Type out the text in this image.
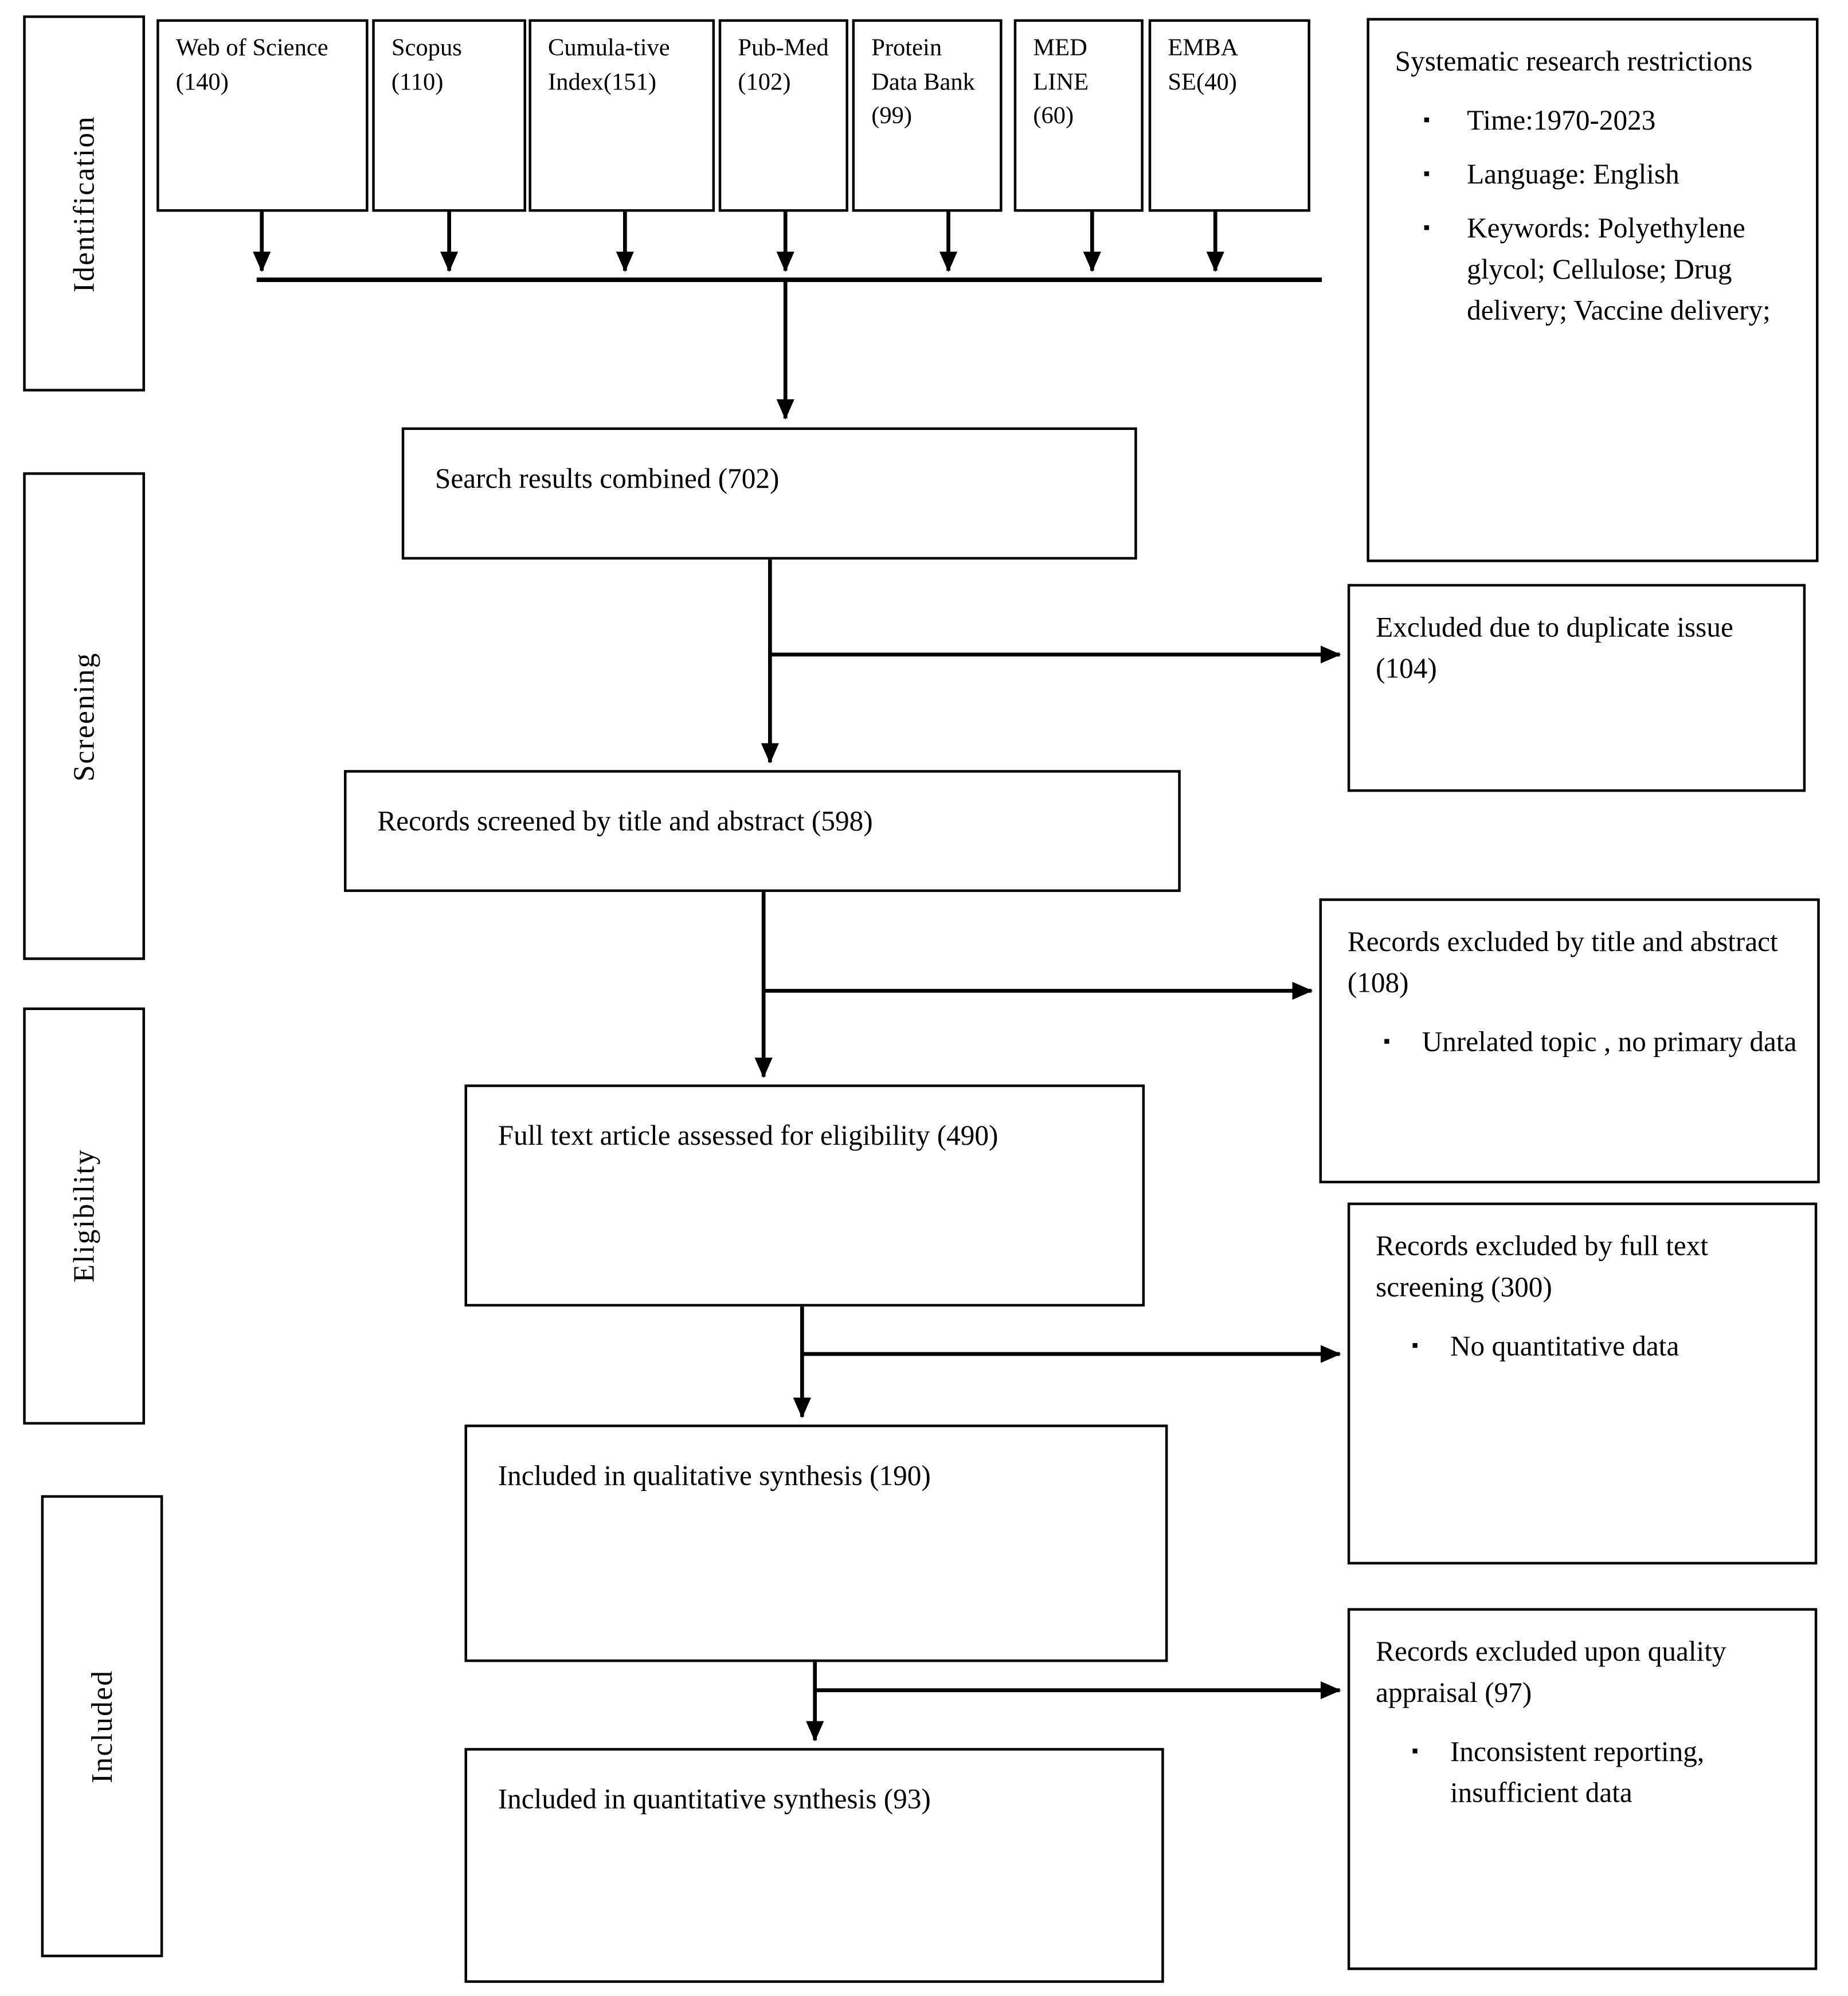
Identification
Screening
Eligibility
Included
Web of Science (140)
Scopus (110)
Cumula-tive Index(151)
Pub-Med (102)
Protein Data Bank (99)
MED LINE (60)
EMBA SE(40)
Systematic research restrictions
▪	Time:1970-2023
▪	Language: English
▪	Keywords: Polyethylene glycol; Cellulose; Drug delivery; Vaccine delivery;
Search results combined (702)
Records screened by title and abstract (598)
Full text article assessed for eligibility (490)
Included in qualitative synthesis (190)
Included in quantitative synthesis (93)
Excluded due to duplicate issue (104)
Records excluded by title and abstract (108)
▪	Unrelated topic , no primary data
Records excluded by full text screening (300)
▪	No quantitative data
Records excluded upon quality appraisal (97)
▪	Inconsistent reporting, insufficient data
